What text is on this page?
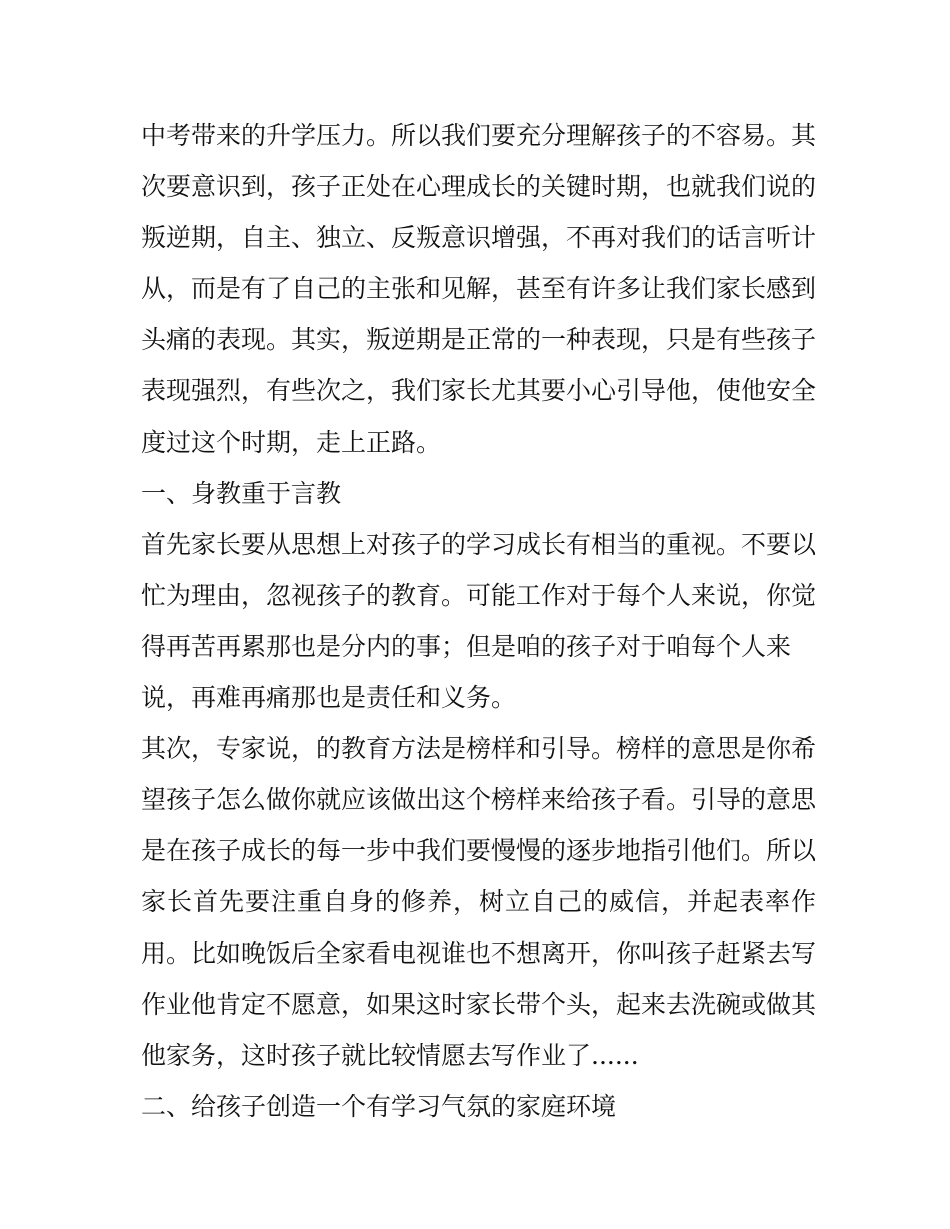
中考带来的升学压力。所以我们要充分理解孩子的不容易。其
次要意识到，孩子正处在心理成长的关键时期，也就我们说的
叛逆期，自主、独立、反叛意识增强，不再对我们的话言听计
从，而是有了自己的主张和见解，甚至有许多让我们家长感到
头痛的表现。其实，叛逆期是正常的一种表现，只是有些孩子
表现强烈，有些次之，我们家长尤其要小心引导他，使他安全
度过这个时期，走上正路。
一、身教重于言教
首先家长要从思想上对孩子的学习成长有相当的重视。不要以
忙为理由，忽视孩子的教育。可能工作对于每个人来说，你觉
得再苦再累那也是分内的事；但是咱的孩子对于咱每个人来
说，再难再痛那也是责任和义务。
其次，专家说，的教育方法是榜样和引导。榜样的意思是你希
望孩子怎么做你就应该做出这个榜样来给孩子看。引导的意思
是在孩子成长的每一步中我们要慢慢的逐步地指引他们。所以
家长首先要注重自身的修养，树立自己的威信，并起表率作
用。比如晚饭后全家看电视谁也不想离开，你叫孩子赶紧去写
作业他肯定不愿意，如果这时家长带个头，起来去洗碗或做其
他家务，这时孩子就比较情愿去写作业了......
二、给孩子创造一个有学习气氛的家庭环境
